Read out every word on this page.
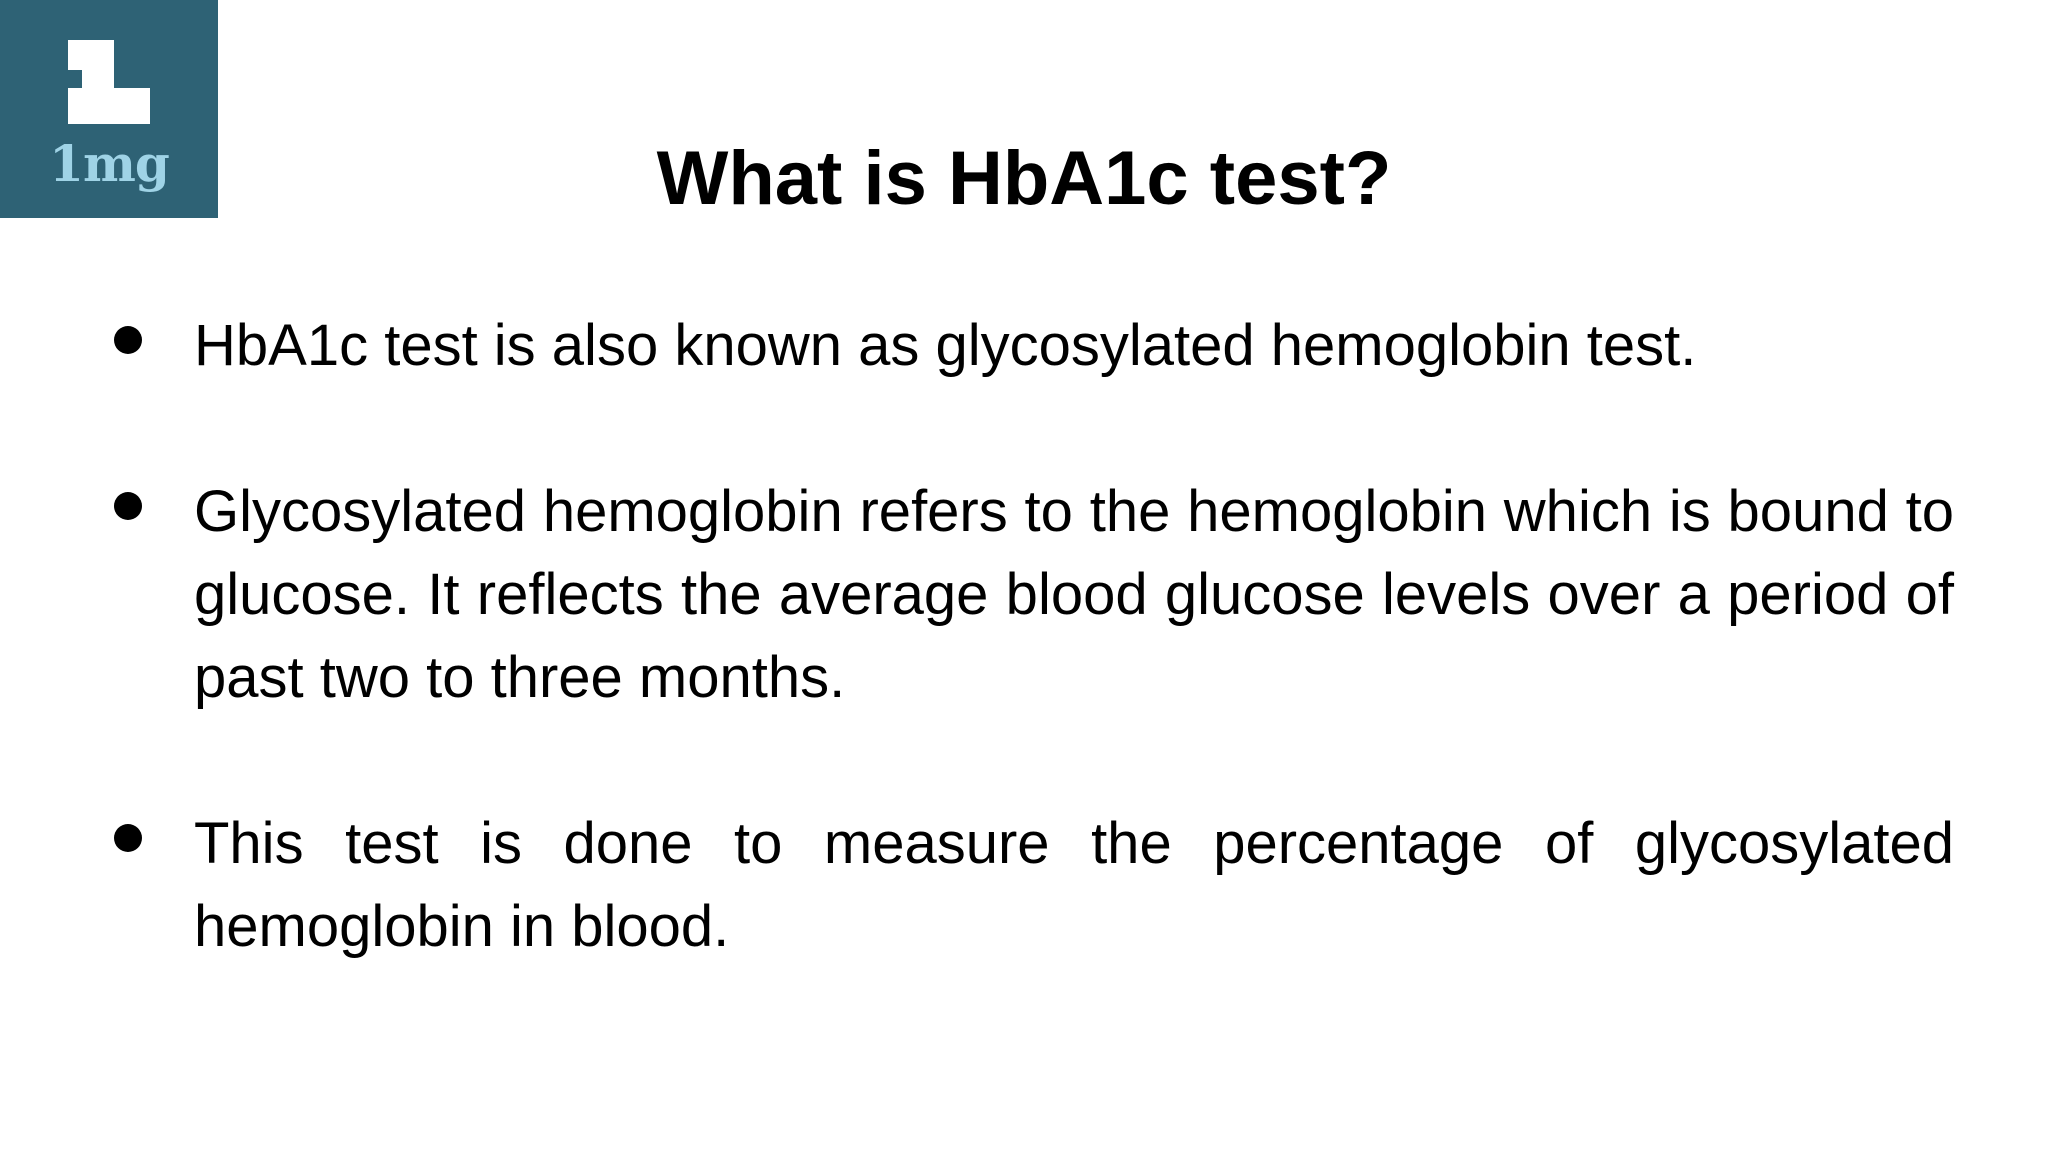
1mg	What is HbA1c test?

HbA1c test is also known as glycosylated hemoglobin test.

Glycosylated hemoglobin refers to the hemoglobin which is bound to glucose. It reflects the average blood glucose levels over a period of past two to three months.

This test is done to measure the percentage of glycosylated hemoglobin in blood.
